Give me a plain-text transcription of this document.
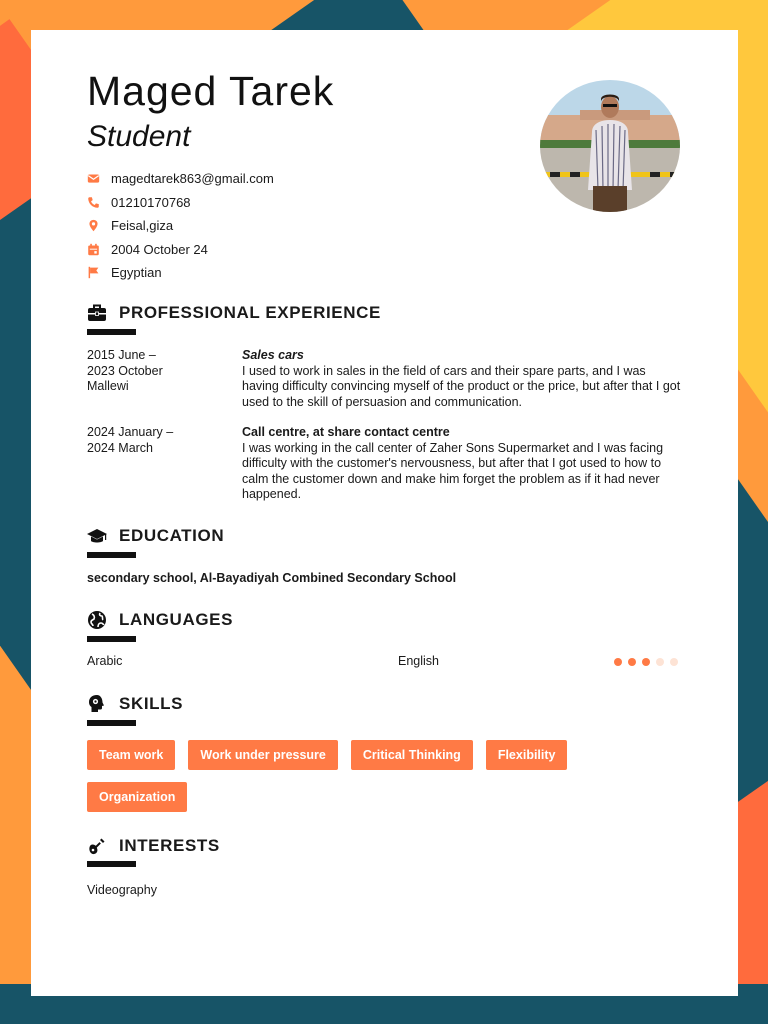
Maged Tarek
Student
magedtarek863@gmail.com
01210170768
Feisal,giza
2004 October 24
Egyptian
PROFESSIONAL EXPERIENCE
2015 June –
2023 October
Mallewi
Sales cars
I used to work in sales in the field of cars and their spare parts, and I was having difficulty convincing myself of the product or the price, but after that I got used to the skill of persuasion and communication.
2024 January –
2024 March
Call centre, at share contact centre
I was working in the call center of Zaher Sons Supermarket and I was facing difficulty with the customer's nervousness, but after that I got used to how to calm the customer down and make him forget the problem as if it had never happened.
EDUCATION
secondary school, Al-Bayadiyah Combined Secondary School
LANGUAGES
Arabic	English
SKILLS
Team work	Work under pressure	Critical Thinking	Flexibility
Organization
INTERESTS
Videography
